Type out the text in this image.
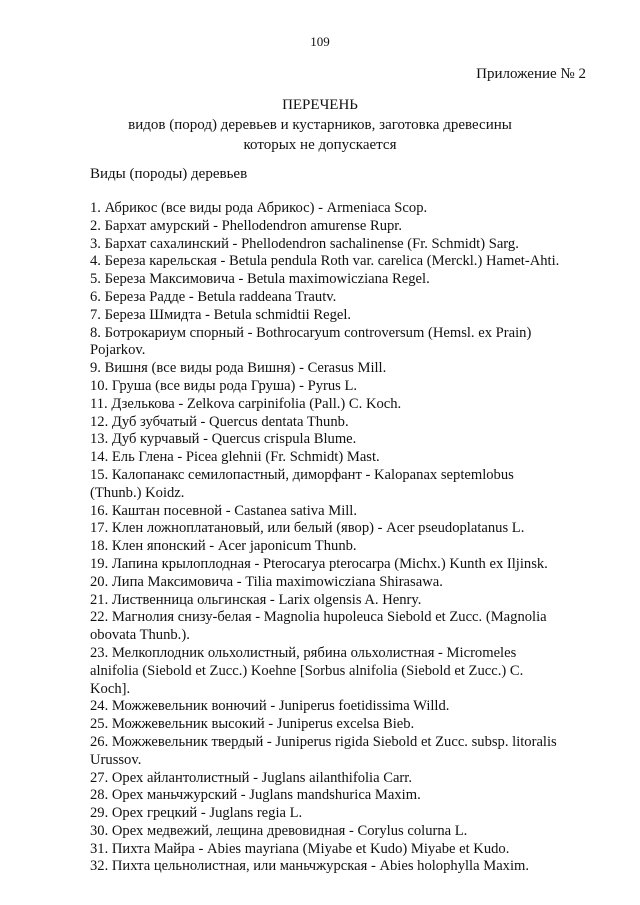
109
Приложение № 2
ПЕРЕЧЕНЬ
видов (пород) деревьев и кустарников, заготовка древесины
которых не допускается
Виды (породы) деревьев
1. Абрикос (все виды рода Абрикос) - Armeniaca Scop.
2. Бархат амурский - Phellodendron amurense Rupr.
3. Бархат сахалинский - Phellodendron sachalinense (Fr. Schmidt) Sarg.
4. Береза карельская - Betula pendula Roth var. carelica (Merckl.) Hamet-Ahti.
5. Береза Максимовича - Betula maximowicziana Regel.
6. Береза Радде - Betula raddeana Trautv.
7. Береза Шмидта - Betula schmidtii Regel.
8. Ботрокариум спорный - Bothrocaryum controversum (Hemsl. ex Prain) Pojarkov.
9. Вишня (все виды рода Вишня) - Cerasus Mill.
10. Груша (все виды рода Груша) - Pyrus L.
11. Дзелькова - Zelkova carpinifolia (Pall.) C. Koch.
12. Дуб зубчатый - Quercus dentata Thunb.
13. Дуб курчавый - Quercus crispula Blume.
14. Ель Глена - Picea glehnii (Fr. Schmidt) Mast.
15. Калопанакс семилопастный, диморфант - Kalopanax septemlobus (Thunb.) Koidz.
16. Каштан посевной - Castanea sativa Mill.
17. Клен ложноплатановый, или белый (явор) - Acer pseudoplatanus L.
18. Клен японский - Acer japonicum Thunb.
19. Лапина крылоплодная - Pterocarya pterocarpa (Michx.) Kunth ex Iljinsk.
20. Липа Максимовича - Tilia maximowicziana Shirasawa.
21. Лиственница ольгинская - Larix olgensis A. Henry.
22. Магнолия снизу-белая - Magnolia hupoleuca Siebold et Zucc. (Magnolia obovata Thunb.).
23. Мелкоплодник ольхолистный, рябина ольхолистная - Micromeles alnifolia (Siebold et Zucc.) Koehne [Sorbus alnifolia (Siebold et Zucc.) C. Koch].
24. Можжевельник вонючий - Juniperus foetidissima Willd.
25. Можжевельник высокий - Juniperus excelsa Bieb.
26. Можжевельник твердый - Juniperus rigida Siebold et Zucc. subsp. litoralis Urussov.
27. Орех айлантолистный - Juglans ailanthifolia Carr.
28. Орех маньчжурский - Juglans mandshurica Maxim.
29. Орех грецкий - Juglans regia L.
30. Орех медвежий, лещина древовидная - Corylus colurna L.
31. Пихта Майра - Abies mayriana (Miyabe et Kudo) Miyabe et Kudo.
32. Пихта цельнолистная, или маньчжурская - Abies holophylla Maxim.
